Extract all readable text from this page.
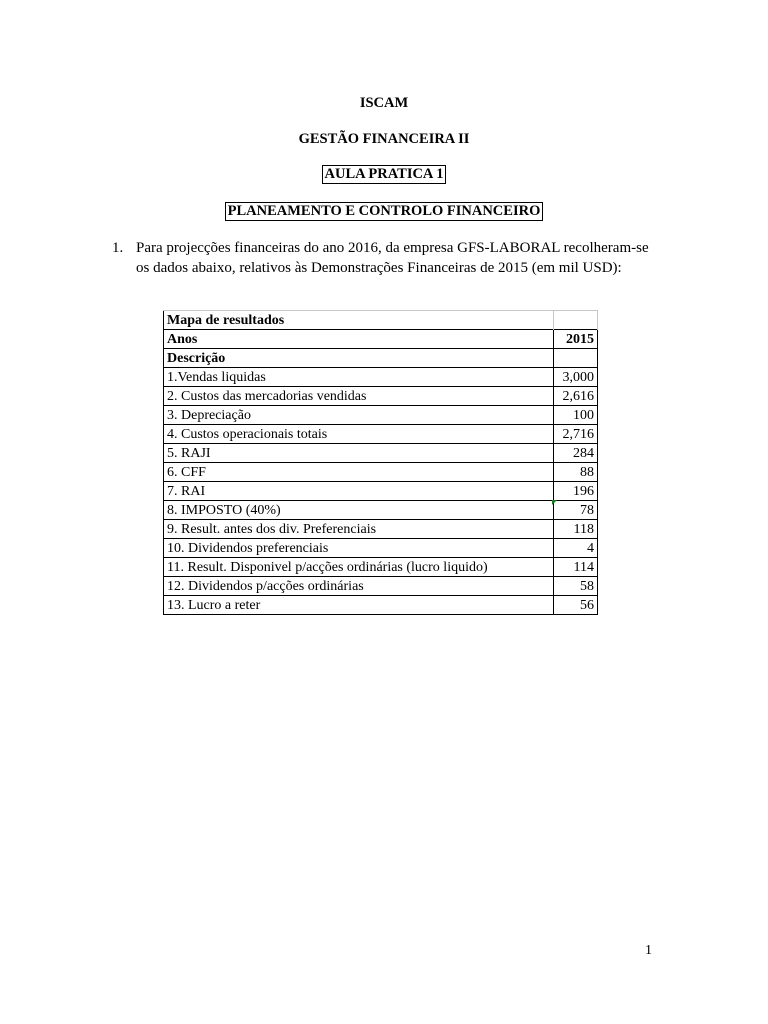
ISCAM
GESTÃO FINANCEIRA II
AULA PRATICA 1
PLANEAMENTO E CONTROLO FINANCEIRO
1. Para projecções financeiras do ano 2016, da empresa GFS-LABORAL recolheram-se
os dados abaixo, relativos às Demonstrações Financeiras de 2015 (em mil USD):
Mapa de resultados	
Anos	2015
Descrição	
1.Vendas liquidas	3,000
2. Custos das mercadorias vendidas	2,616
3. Depreciação	100
4. Custos operacionais totais	2,716
5. RAJI	284
6. CFF	88
7. RAI	196
8. IMPOSTO (40%)	78
9. Result. antes dos div. Preferenciais	118
10. Dividendos preferenciais	4
11. Result. Disponivel p/acções ordinárias (lucro liquido)	114
12. Dividendos p/acções ordinárias	58
13. Lucro a reter	56
1
